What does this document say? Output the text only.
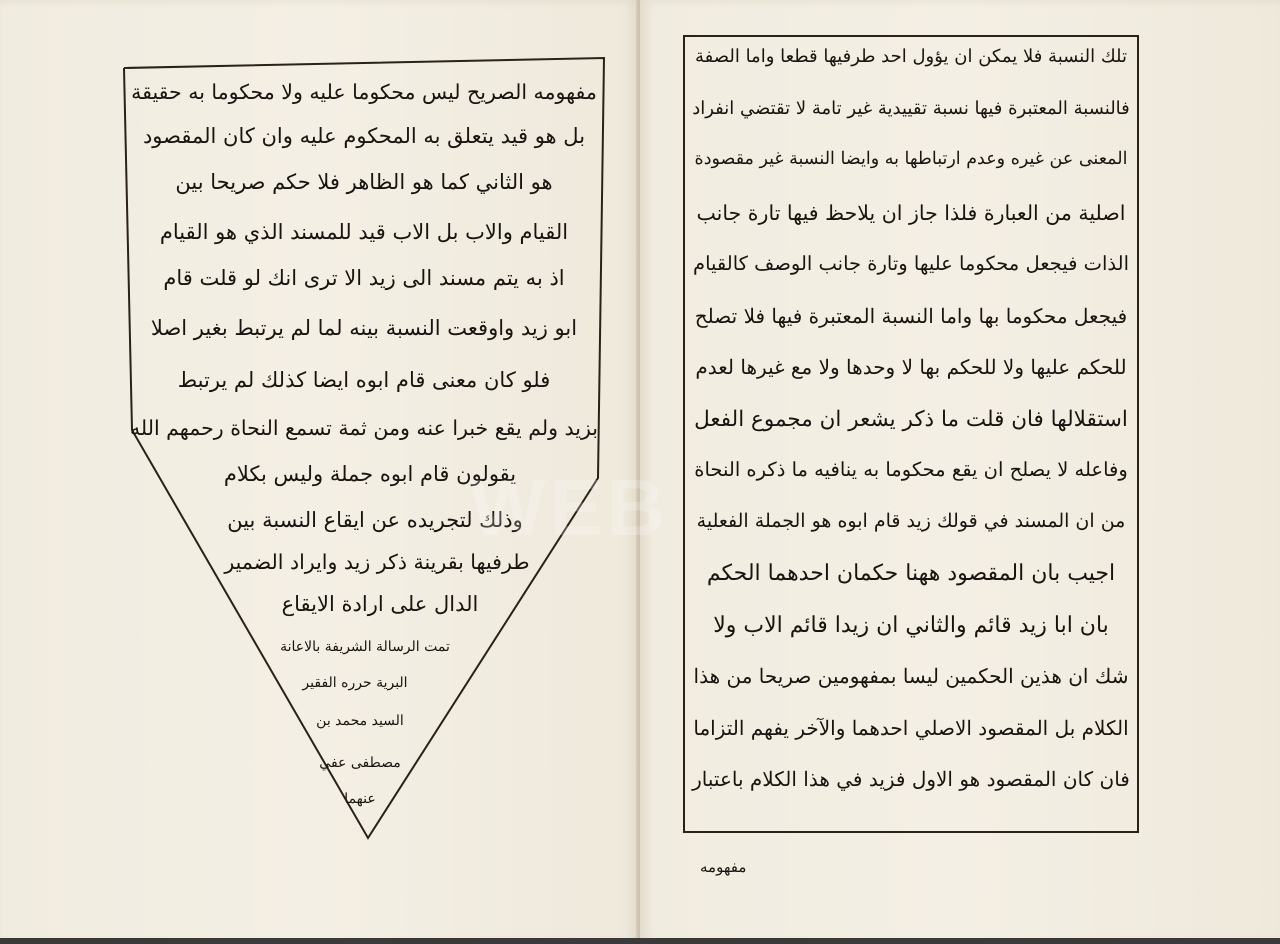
مفهومه الصريح ليس محكوما عليه ولا محكوما به حقيقة
بل هو قيد يتعلق به المحكوم عليه وان كان المقصود
هو الثاني كما هو الظاهر فلا حكم صريحا بين
القيام والاب بل الاب قيد للمسند الذي هو القيام
اذ به يتم مسند الى زيد الا ترى انك لو قلت قام
ابو زيد واوقعت النسبة بينه لما لم يرتبط بغير اصلا
فلو كان معنى قام ابوه ايضا كذلك لم يرتبط
بزيد ولم يقع خبرا عنه ومن ثمة تسمع النحاة رحمهم الله
يقولون قام ابوه جملة وليس بكلام
وذلك لتجريده عن ايقاع النسبة بين
طرفيها بقرينة ذكر زيد وايراد الضمير
الدال على ارادة الايقاع
تمت الرسالة الشريفة بالاعانة
البرية حرره الفقير
السيد محمد بن
مصطفى عفي
عنهما
تلك النسبة فلا يمكن ان يؤول احد طرفيها قطعا واما الصفة
فالنسبة المعتبرة فيها نسبة تقييدية غير تامة لا تقتضي انفراد
المعنى عن غيره وعدم ارتباطها به وايضا النسبة غير مقصودة
اصلية من العبارة فلذا جاز ان يلاحظ فيها تارة جانب
الذات فيجعل محكوما عليها وتارة جانب الوصف كالقيام
فيجعل محكوما بها واما النسبة المعتبرة فيها فلا تصلح
للحكم عليها ولا للحكم بها لا وحدها ولا مع غيرها لعدم
استقلالها فان قلت ما ذكر يشعر ان مجموع الفعل
وفاعله لا يصلح ان يقع محكوما به ينافيه ما ذكره النحاة
من ان المسند في قولك زيد قام ابوه هو الجملة الفعلية
اجيب بان المقصود ههنا حكمان احدهما الحكم
بان ابا زيد قائم والثاني ان زيدا قائم الاب ولا
شك ان هذين الحكمين ليسا بمفهومين صريحا من هذا
الكلام بل المقصود الاصلي احدهما والآخر يفهم التزاما
فان كان المقصود هو الاول فزيد في هذا الكلام باعتبار
مفهومه
WEB
